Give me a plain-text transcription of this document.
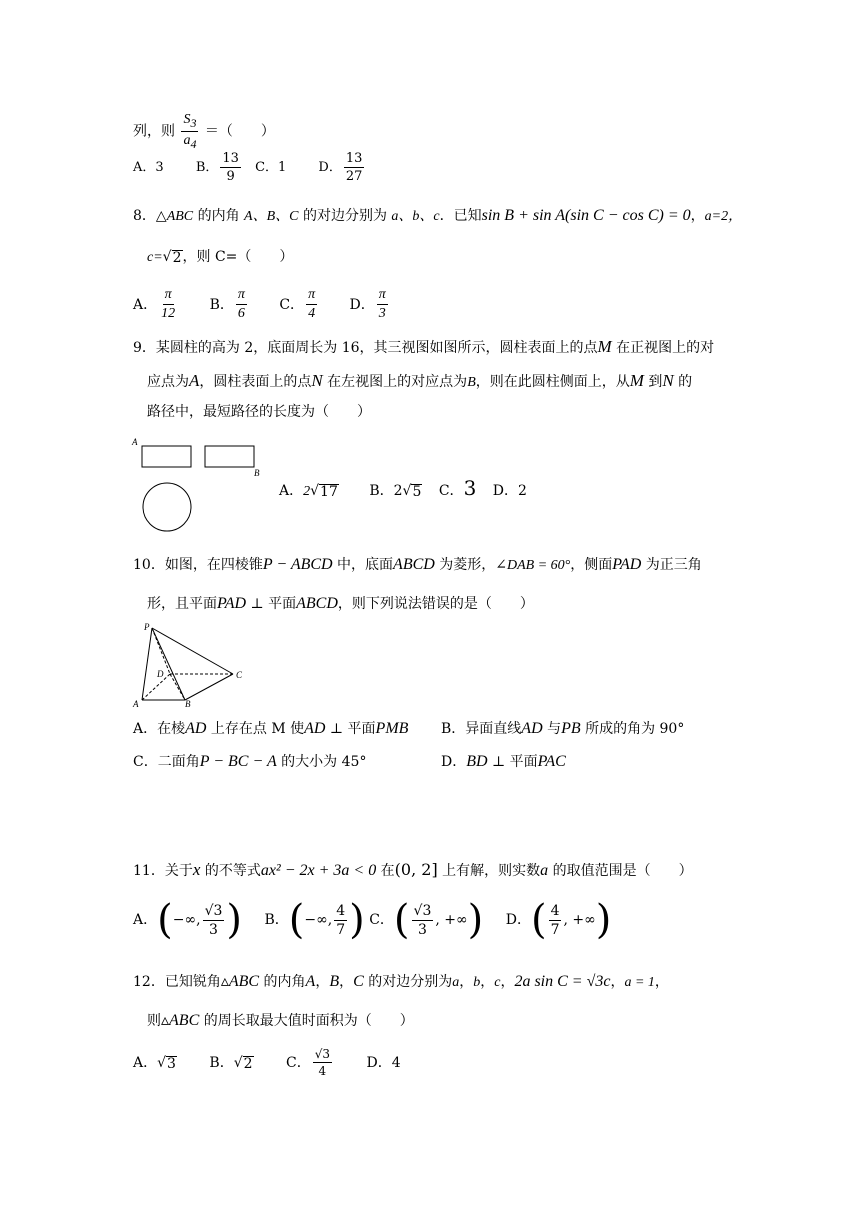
列，则 $\frac{S_3}{a_4}$ ＝（　　）
A．3 B． $\frac{13}{9}$ C．1 D． $\frac{13}{27}$
8．△ABC 的内角 A、B、C 的对边分别为 a、b、c．已知sin B + sin A(sin C − cos C) = 0，a=2，
c= √ 2 ，则 C=（　　）
A． $\frac{\pi}{12}$ B． $\frac{\pi}{6}$ C． $\frac{\pi}{4}$ D． $\frac{\pi}{3}$
9．某圆柱的高为 2，底面周长为 16，其三视图如图所示，圆柱表面上的点M 在正视图上的对
应点为A，圆柱表面上的点N 在左视图上的对应点为B，则在此圆柱侧面上，从M 到N 的
路径中，最短路径的长度为（　　）
A
B
A．2 √ 17 B．2 √ 5 C．3 D．2
10．如图，在四棱锥P − ABCD 中，底面ABCD 为菱形，∠DAB = 60°，侧面PAD 为正三角
形，且平面PAD ⊥ 平面ABCD，则下列说法错误的是（　　）
P
D	C
A	B
A．在棱AD 上存在点 M 使AD ⊥ 平面PMB B．异面直线AD 与PB 所成的角为 90°
C．二面角P − BC − A 的大小为 45°	D．BD ⊥ 平面PAC
11．关于x 的不等式ax² − 2x + 3a < 0 在(0, 2] 上有解，则实数a 的取值范围是（　　）
A． ( −∞, $\frac{√3}{3}$ )
B． ( −∞, $\frac{4}{7}$ )
C． ( $\frac{√3}{3}$ , +∞ )
D． ( $\frac{4}{7}$ , +∞ )
12．已知锐角▵ABC 的内角A，B，C 的对边分别为a，b，c，2a sin C = √3c，a = 1，
则▵ABC 的周长取最大值时面积为（　　）
A． √ 3 B． √ 2 C． $\frac{√3}{4}$ D．4
